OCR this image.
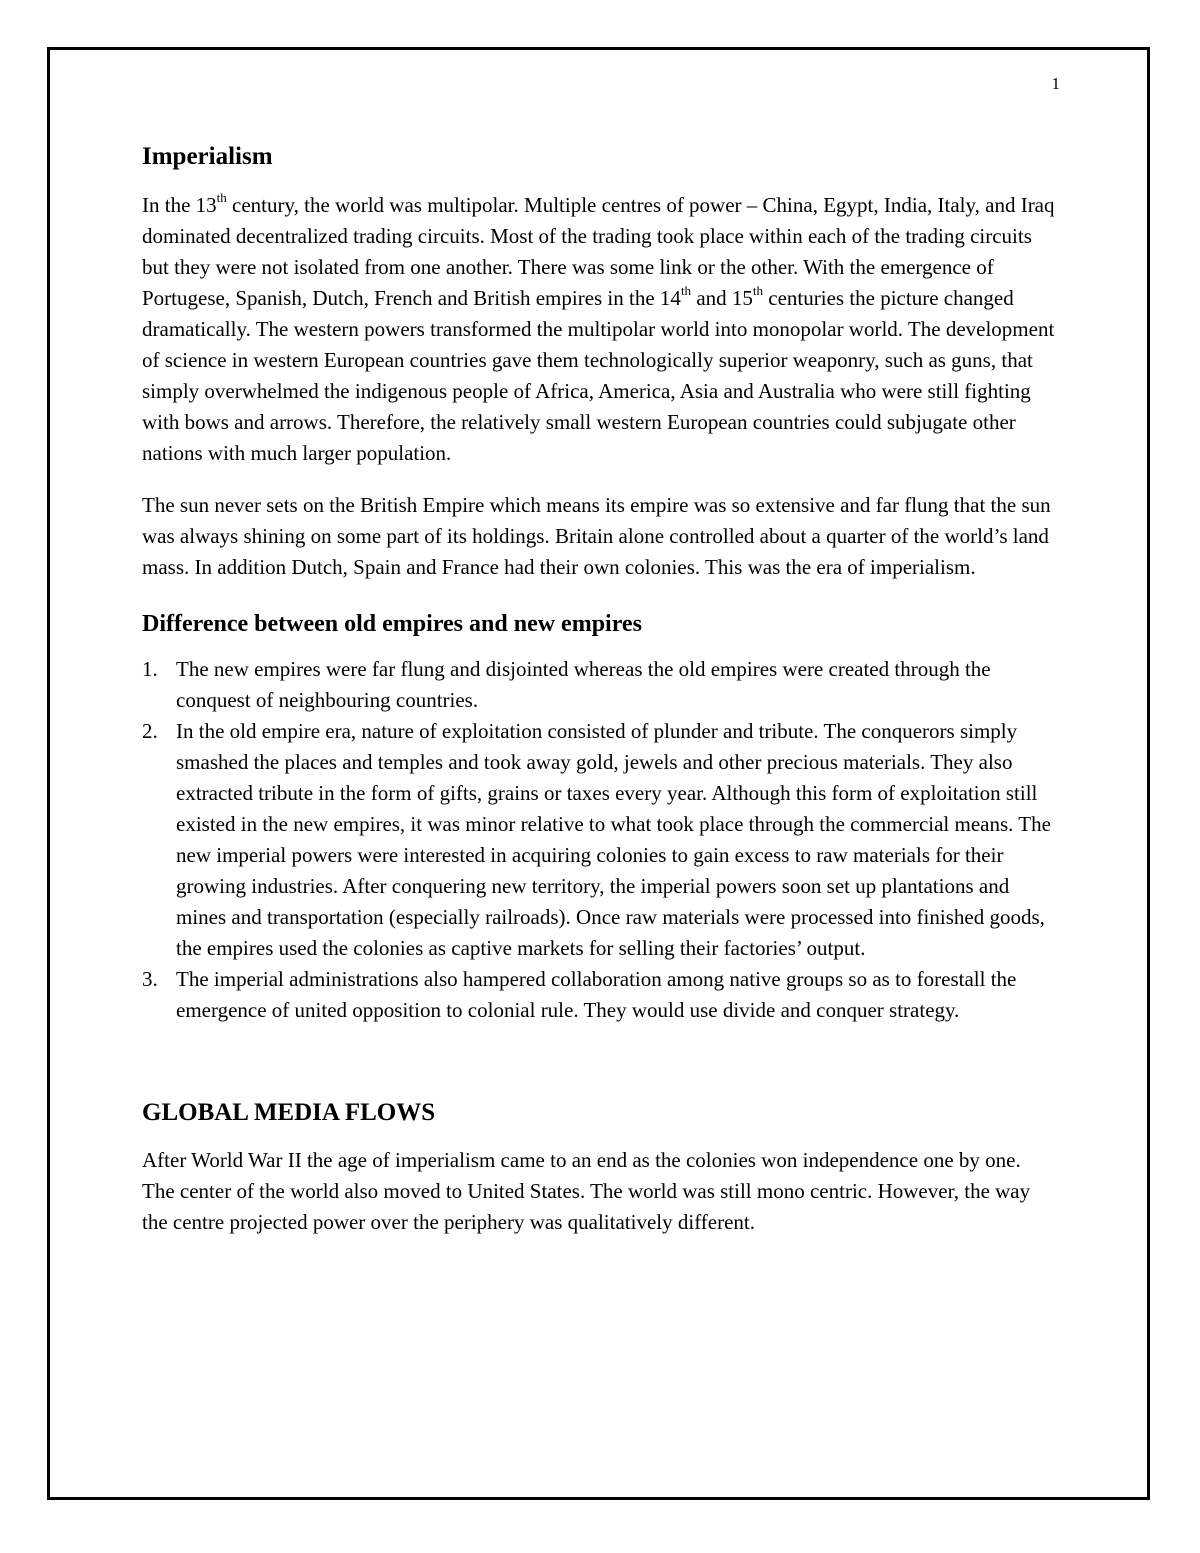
1
Imperialism

In the 13th century, the world was multipolar. Multiple centres of power – China, Egypt, India, Italy, and Iraq dominated decentralized trading circuits. Most of the trading took place within each of the trading circuits but they were not isolated from one another. There was some link or the other. With the emergence of Portugese, Spanish, Dutch, French and British empires in the 14th and 15th centuries the picture changed dramatically. The western powers transformed the multipolar world into monopolar world. The development of science in western European countries gave them technologically superior weaponry, such as guns, that simply overwhelmed the indigenous people of Africa, America, Asia and Australia who were still fighting with bows and arrows. Therefore, the relatively small western European countries could subjugate other nations with much larger population.

The sun never sets on the British Empire which means its empire was so extensive and far flung that the sun was always shining on some part of its holdings. Britain alone controlled about a quarter of the world’s land mass. In addition Dutch, Spain and France had their own colonies. This was the era of imperialism.

Difference between old empires and new empires
1. The new empires were far flung and disjointed whereas the old empires were created through the conquest of neighbouring countries.
2. In the old empire era, nature of exploitation consisted of plunder and tribute. The conquerors simply smashed the places and temples and took away gold, jewels and other precious materials. They also extracted tribute in the form of gifts, grains or taxes every year. Although this form of exploitation still existed in the new empires, it was minor relative to what took place through the commercial means. The new imperial powers were interested in acquiring colonies to gain excess to raw materials for their growing industries. After conquering new territory, the imperial powers soon set up plantations and mines and transportation (especially railroads). Once raw materials were processed into finished goods, the empires used the colonies as captive markets for selling their factories’ output.
3. The imperial administrations also hampered collaboration among native groups so as to forestall the emergence of united opposition to colonial rule. They would use divide and conquer strategy.
GLOBAL MEDIA FLOWS

After World War II the age of imperialism came to an end as the colonies won independence one by one. The center of the world also moved to United States. The world was still mono centric. However, the way the centre projected power over the periphery was qualitatively different.
